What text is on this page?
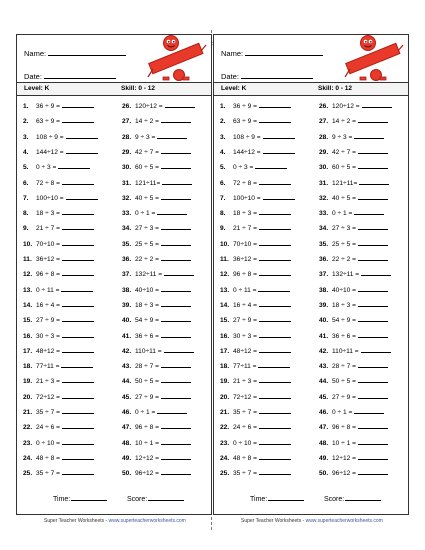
Name:
Date:
Level: K	Skill: 0 - 12
1. 36 ÷ 9 =
2. 63 ÷ 9 =
3. 108 ÷ 9 =
4. 144÷12 =
5. 0 ÷ 3 =
6. 72 ÷ 8 =
7. 100÷10 =
8. 18 ÷ 3 =
9. 21 ÷ 7 =
10. 70÷10 =
11. 36÷12 =
12. 96 ÷ 8 =
13. 0 ÷ 11 =
14. 16 ÷ 4 =
15. 27 ÷ 9 =
16. 30 ÷ 3 =
17. 48÷12 =
18. 77÷11 =
19. 21 ÷ 3 =
20. 72÷12 =
21. 35 ÷ 7 =
22. 24 ÷ 6 =
23. 0 ÷ 10 =
24. 48 ÷ 8 =
25. 35 ÷ 7 =
26. 120÷12 =
27. 14 ÷ 2 =
28. 9 ÷ 3 =
29. 42 ÷ 7 =
30. 60 ÷ 5 =
31. 121÷11=
32. 40 ÷ 5 =
33. 0 ÷ 1 =
34. 27 ÷ 3 =
35. 25 ÷ 5 =
36. 22 ÷ 2 =
37. 132÷11 =
38. 40÷10 =
39. 18 ÷ 3 =
40. 54 ÷ 9 =
41. 36 ÷ 6 =
42. 110÷11 =
43. 28 ÷ 7 =
44. 50 ÷ 5 =
45. 27 ÷ 9 =
46. 0 ÷ 1 =
47. 96 ÷ 8 =
48. 10 ÷ 1 =
49. 12÷12 =
50. 96÷12 =
Time:	Score:
Name:
Date:
Level: K	Skill: 0 - 12
1. 36 ÷ 9 =
2. 63 ÷ 9 =
3. 108 ÷ 9 =
4. 144÷12 =
5. 0 ÷ 3 =
6. 72 ÷ 8 =
7. 100÷10 =
8. 18 ÷ 3 =
9. 21 ÷ 7 =
10. 70÷10 =
11. 36÷12 =
12. 96 ÷ 8 =
13. 0 ÷ 11 =
14. 16 ÷ 4 =
15. 27 ÷ 9 =
16. 30 ÷ 3 =
17. 48÷12 =
18. 77÷11 =
19. 21 ÷ 3 =
20. 72÷12 =
21. 35 ÷ 7 =
22. 24 ÷ 6 =
23. 0 ÷ 10 =
24. 48 ÷ 8 =
25. 35 ÷ 7 =
26. 120÷12 =
27. 14 ÷ 2 =
28. 9 ÷ 3 =
29. 42 ÷ 7 =
30. 60 ÷ 5 =
31. 121÷11=
32. 40 ÷ 5 =
33. 0 ÷ 1 =
34. 27 ÷ 3 =
35. 25 ÷ 5 =
36. 22 ÷ 2 =
37. 132÷11 =
38. 40÷10 =
39. 18 ÷ 3 =
40. 54 ÷ 9 =
41. 36 ÷ 6 =
42. 110÷11 =
43. 28 ÷ 7 =
44. 50 ÷ 5 =
45. 27 ÷ 9 =
46. 0 ÷ 1 =
47. 96 ÷ 8 =
48. 10 ÷ 1 =
49. 12÷12 =
50. 96÷12 =
Time:	Score:
Super Teacher Worksheets - www.superteacherworksheets.com	Super Teacher Worksheets - www.superteacherworksheets.com
